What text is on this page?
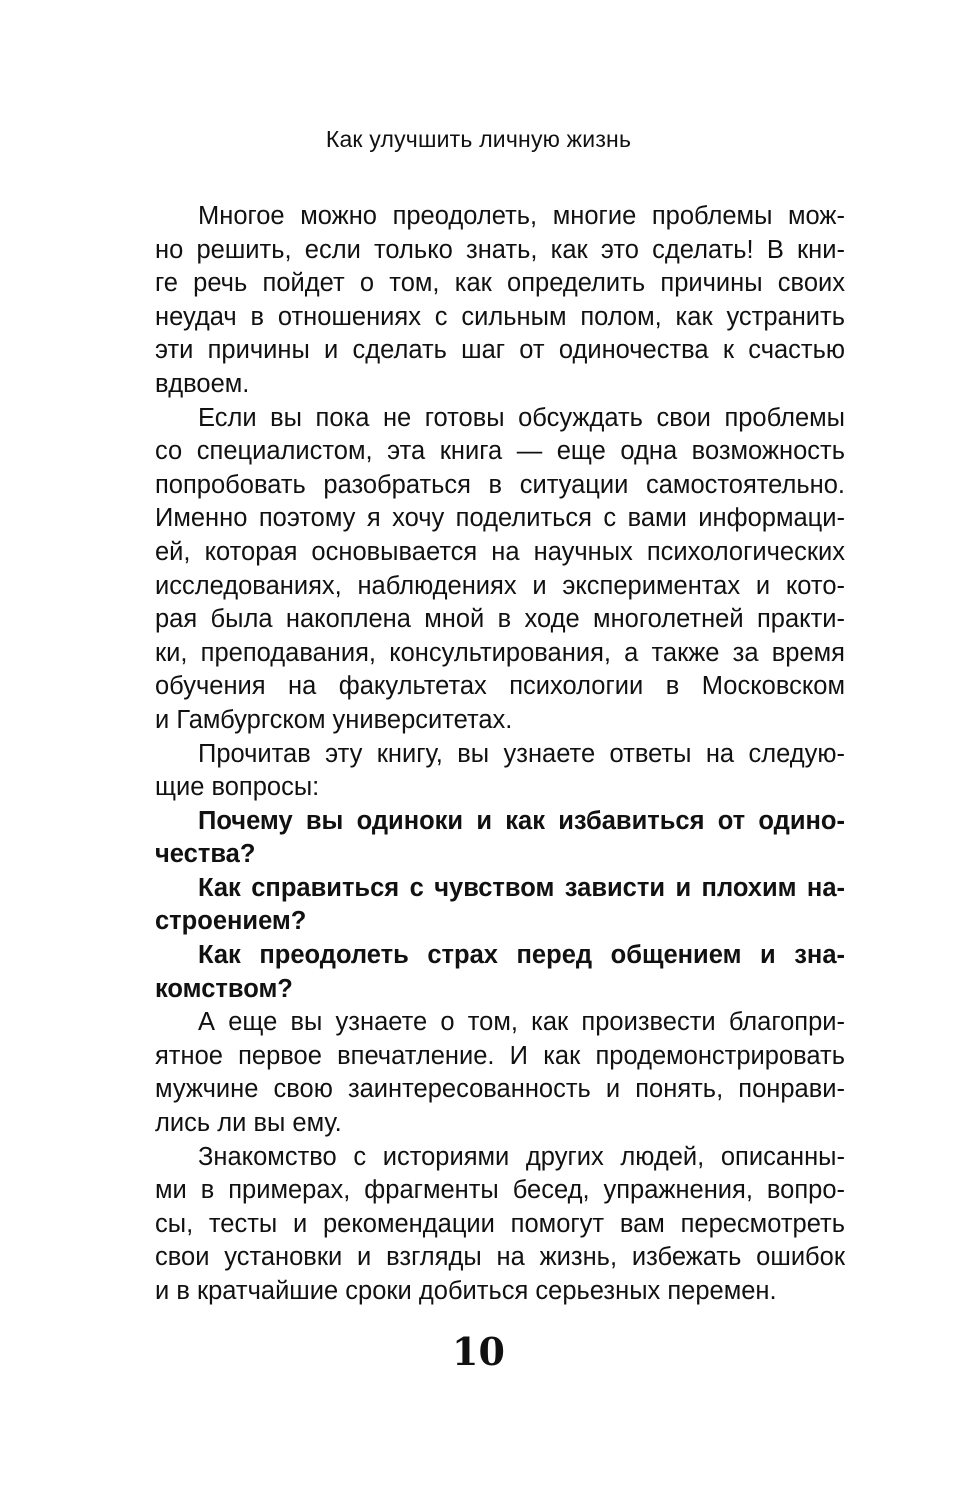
Как улучшить личную жизнь
Многое можно преодолеть, многие проблемы мож-
но решить, если только знать, как это сделать! В кни-
ге речь пойдет о том, как определить причины своих
неудач в отношениях с сильным полом, как устранить
эти причины и сделать шаг от одиночества к счастью
вдвоем.
Если вы пока не готовы обсуждать свои проблемы
со специалистом, эта книга — еще одна возможность
попробовать разобраться в ситуации самостоятельно.
Именно поэтому я хочу поделиться с вами информаци-
ей, которая основывается на научных психологических
исследованиях, наблюдениях и экспериментах и кото-
рая была накоплена мной в ходе многолетней практи-
ки, преподавания, консультирования, а также за время
обучения на факультетах психологии в Московском
и Гамбургском университетах.
Прочитав эту книгу, вы узнаете ответы на следую-
щие вопросы:
Почему вы одиноки и как избавиться от одино-
чества?
Как справиться с чувством зависти и плохим на-
строением?
Как преодолеть страх перед общением и зна-
комством?
А еще вы узнаете о том, как произвести благопри-
ятное первое впечатление. И как продемонстрировать
мужчине свою заинтересованность и понять, понрави-
лись ли вы ему.
Знакомство с историями других людей, описанны-
ми в примерах, фрагменты бесед, упражнения, вопро-
сы, тесты и рекомендации помогут вам пересмотреть
свои установки и взгляды на жизнь, избежать ошибок
и в кратчайшие сроки добиться серьезных перемен.
10
